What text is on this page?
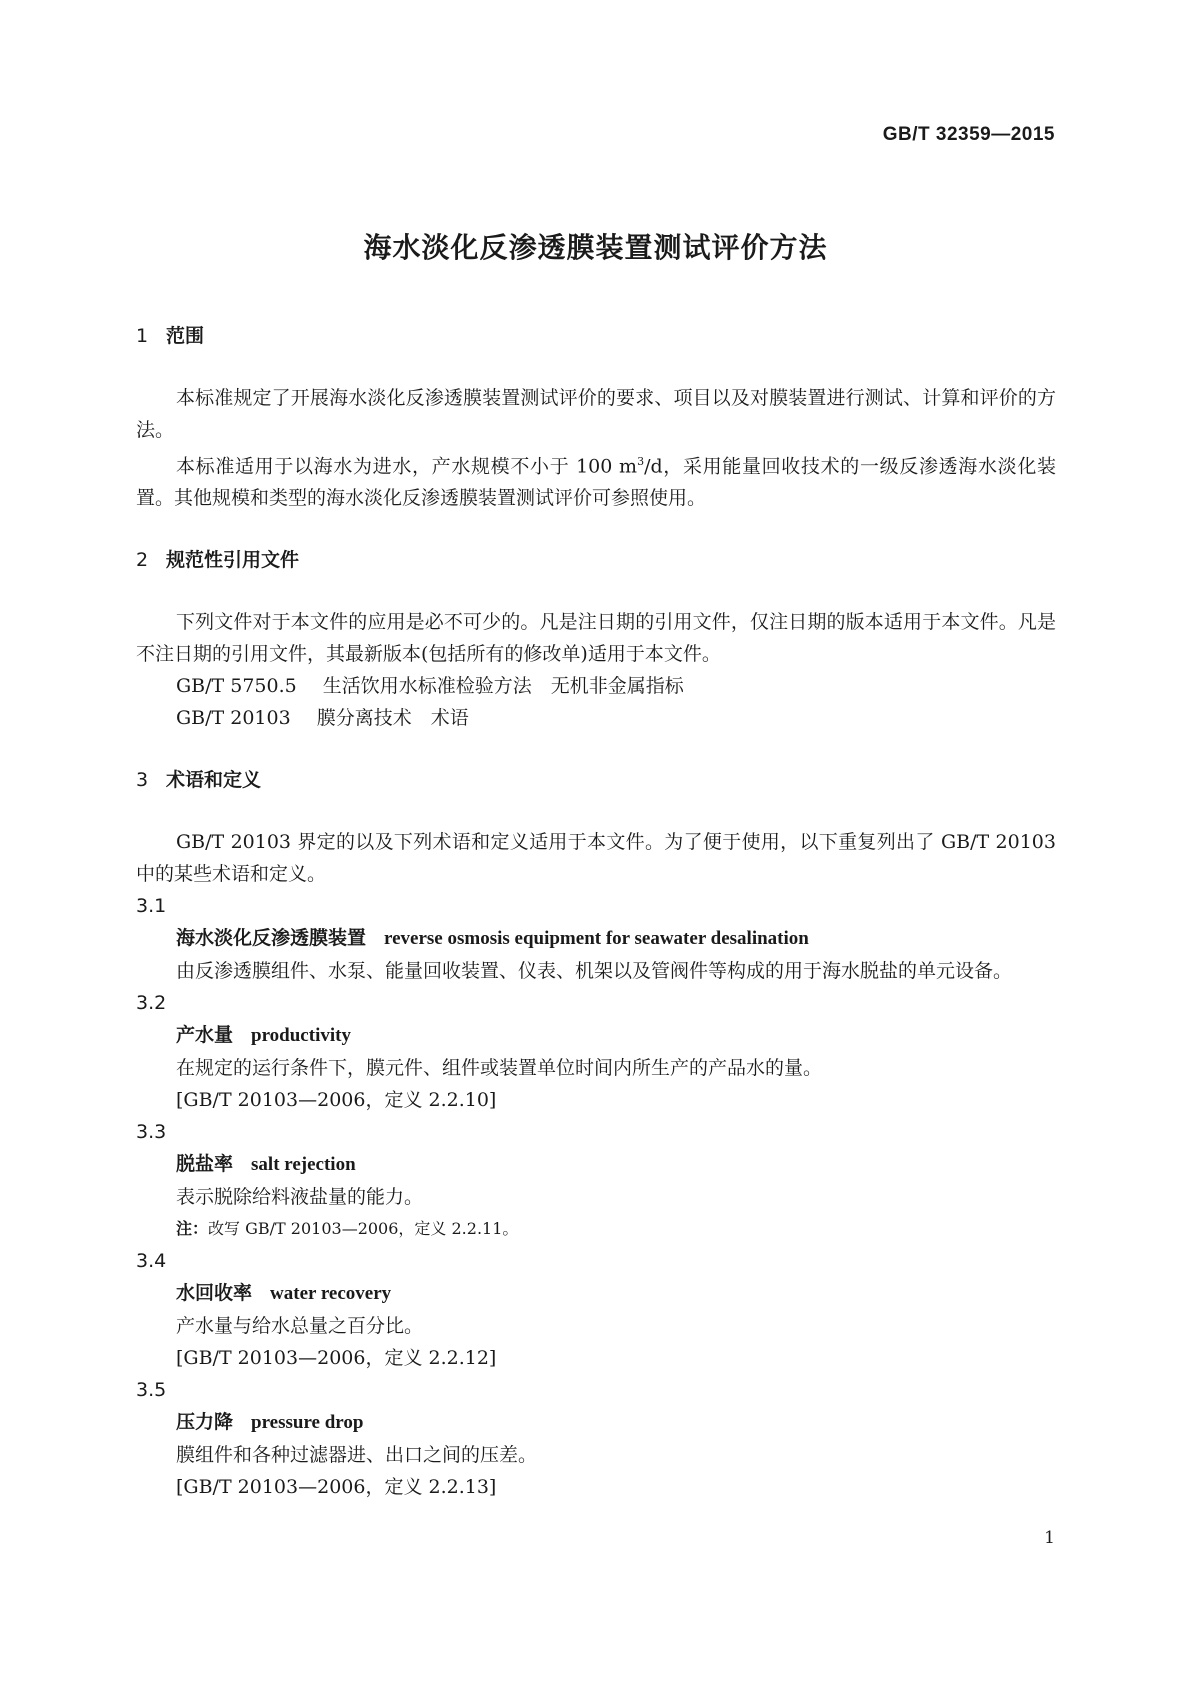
GB/T 32359—2015
海水淡化反渗透膜装置测试评价方法
1 范围

本标准规定了开展海水淡化反渗透膜装置测试评价的要求、项目以及对膜装置进行测试、计算和评价的方法。

本标准适用于以海水为进水，产水规模不小于 100 $m^3/d$，采用能量回收技术的一级反渗透海水淡化装置。其他规模和类型的海水淡化反渗透膜装置测试评价可参照使用。

2 规范性引用文件

下列文件对于本文件的应用是必不可少的。凡是注日期的引用文件，仅注日期的版本适用于本文件。凡是不注日期的引用文件，其最新版本(包括所有的修改单)适用于本文件。

GB/T 5750.5 生活饮用水标准检验方法　无机非金属指标

GB/T 20103 膜分离技术　术语

3 术语和定义

GB/T 20103 界定的以及下列术语和定义适用于本文件。为了便于使用，以下重复列出了 GB/T 20103 中的某些术语和定义。

3.1

海水淡化反渗透膜装置 reverse osmosis equipment for seawater desalination

由反渗透膜组件、水泵、能量回收装置、仪表、机架以及管阀件等构成的用于海水脱盐的单元设备。

3.2

产水量 productivity

在规定的运行条件下，膜元件、组件或装置单位时间内所生产的产品水的量。

[GB/T 20103—2006，定义 2.2.10]

3.3

脱盐率 salt rejection

表示脱除给料液盐量的能力。

注：改写 GB/T 20103—2006，定义 2.2.11。

3.4

水回收率 water recovery

产水量与给水总量之百分比。

[GB/T 20103—2006，定义 2.2.12]

3.5

压力降 pressure drop

膜组件和各种过滤器进、出口之间的压差。

[GB/T 20103—2006，定义 2.2.13]

1
